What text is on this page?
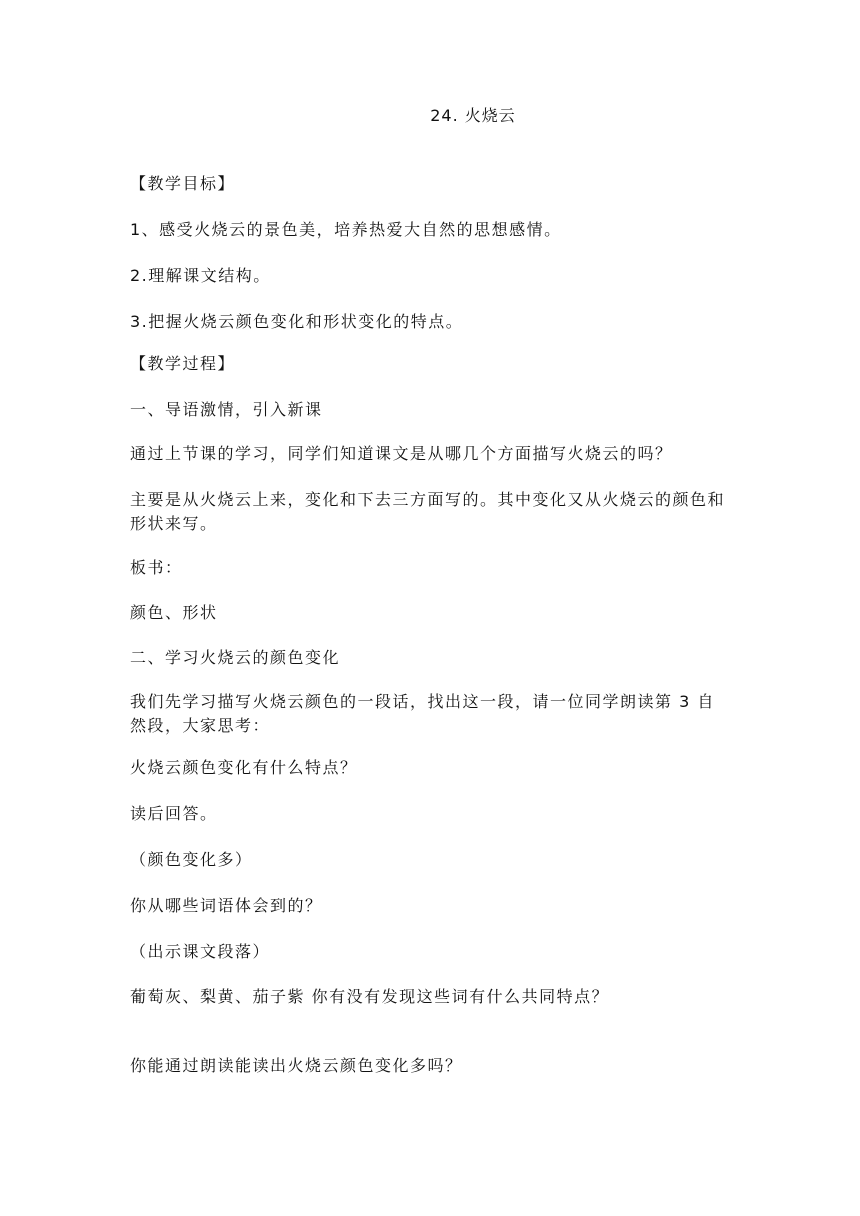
24. 火烧云
【教学目标】
1、感受火烧云的景色美，培养热爱大自然的思想感情。
2.理解课文结构。
3.把握火烧云颜色变化和形状变化的特点。
【教学过程】
一、导语激情，引入新课
通过上节课的学习，同学们知道课文是从哪几个方面描写火烧云的吗？
主要是从火烧云上来，变化和下去三方面写的。其中变化又从火烧云的颜色和形状来写。
板书：
颜色、形状
二、学习火烧云的颜色变化
我们先学习描写火烧云颜色的一段话，找出这一段，请一位同学朗读第 3 自然段，大家思考：
火烧云颜色变化有什么特点？
读后回答。
（颜色变化多）
你从哪些词语体会到的？
（出示课文段落）
葡萄灰、梨黄、茄子紫 你有没有发现这些词有什么共同特点？
你能通过朗读能读出火烧云颜色变化多吗？
